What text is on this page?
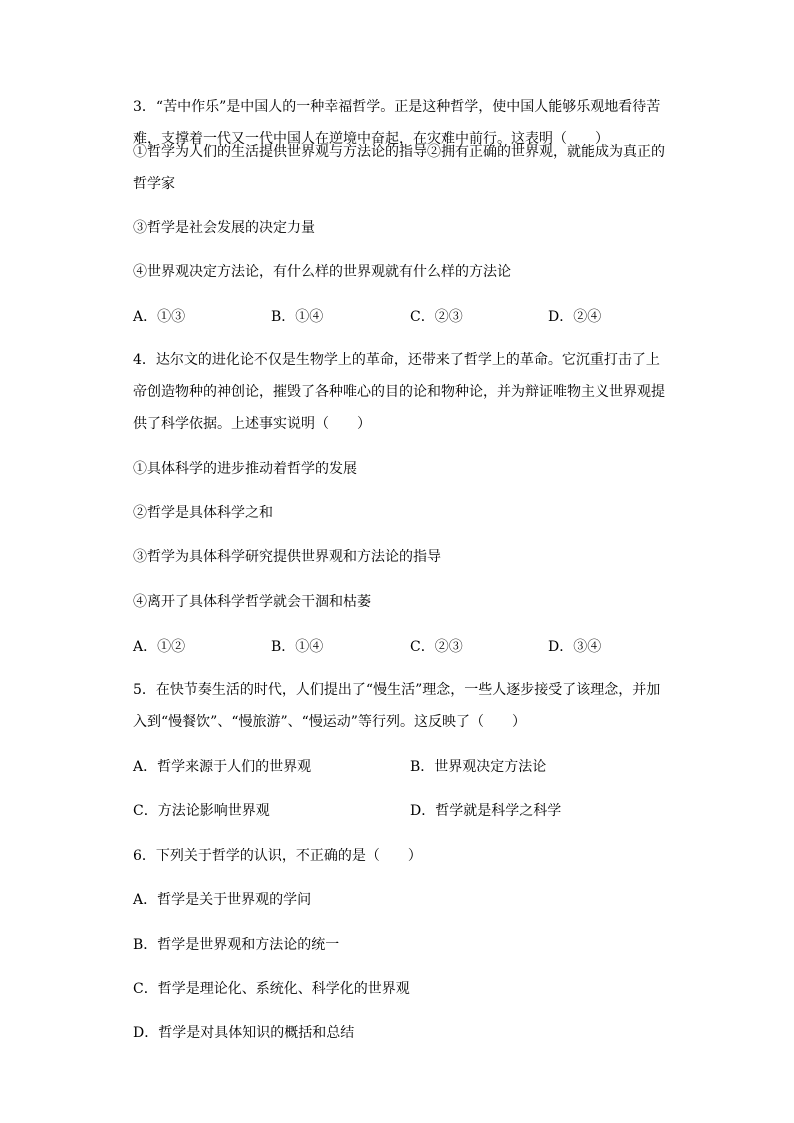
3．“苦中作乐”是中国人的一种幸福哲学。正是这种哲学，使中国人能够乐观地看待苦难，支撑着一代又一代中国人在逆境中奋起，在灾难中前行。这表明（　　）

①哲学为人们的生活提供世界观与方法论的指导②拥有正确的世界观，就能成为真正的哲学家

③哲学是社会发展的决定力量
④世界观决定方法论，有什么样的世界观就有什么样的方法论
A．①③	B．①④	C．②③	D．②④

4．达尔文的进化论不仅是生物学上的革命，还带来了哲学上的革命。它沉重打击了上帝创造物种的神创论，摧毁了各种唯心的目的论和物种论，并为辩证唯物主义世界观提供了科学依据。上述事实说明（　　）

①具体科学的进步推动着哲学的发展
②哲学是具体科学之和
③哲学为具体科学研究提供世界观和方法论的指导
④离开了具体科学哲学就会干涸和枯萎
A．①②	B．①④	C．②③	D．③④

5．在快节奏生活的时代，人们提出了“慢生活”理念，一些人逐步接受了该理念，并加入到“慢餐饮”、“慢旅游”、“慢运动”等行列。这反映了（　　）

A．哲学来源于人们的世界观	B．世界观决定方法论
C．方法论影响世界观	D．哲学就是科学之科学
6．下列关于哲学的认识，不正确的是（　　）
A．哲学是关于世界观的学问
B．哲学是世界观和方法论的统一
C．哲学是理论化、系统化、科学化的世界观
D．哲学是对具体知识的概括和总结
